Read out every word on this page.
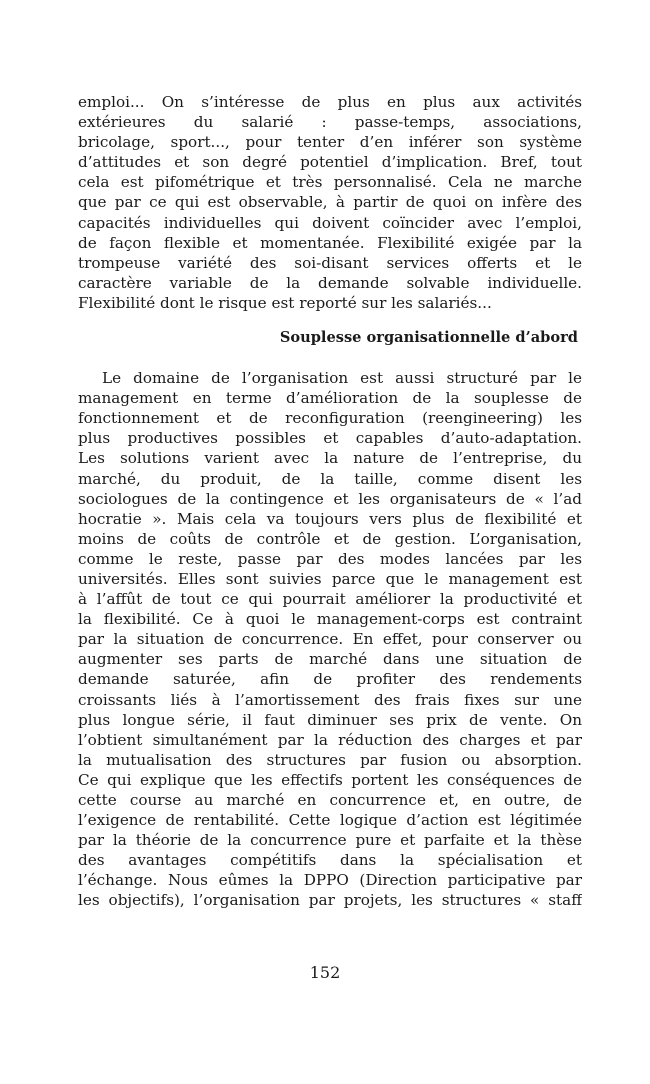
emploi... On s’intéresse de plus en plus aux activités
extérieures du salarié : passe-temps, associations,
bricolage, sport..., pour tenter d’en inférer son système
d’attitudes et son degré potentiel d’implication. Bref, tout
cela est pifométrique et très personnalisé. Cela ne marche
que par ce qui est observable, à partir de quoi on infère des
capacités individuelles qui doivent coïncider avec l’emploi,
de façon flexible et momentanée. Flexibilité exigée par la
trompeuse variété des soi-disant services offerts et le
caractère variable de la demande solvable individuelle.
Flexibilité dont le risque est reporté sur les salariés...

Souplesse organisationnelle d’abord

Le domaine de l’organisation est aussi structuré par le
management en terme d’amélioration de la souplesse de
fonctionnement et de reconfiguration (reengineering) les
plus productives possibles et capables d’auto-adaptation.
Les solutions varient avec la nature de l’entreprise, du
marché, du produit, de la taille, comme disent les
sociologues de la contingence et les organisateurs de « l’ad
hocratie ». Mais cela va toujours vers plus de flexibilité et
moins de coûts de contrôle et de gestion. L’organisation,
comme le reste, passe par des modes lancées par les
universités. Elles sont suivies parce que le management est
à l’affût de tout ce qui pourrait améliorer la productivité et
la flexibilité. Ce à quoi le management-corps est contraint
par la situation de concurrence. En effet, pour conserver ou
augmenter ses parts de marché dans une situation de
demande saturée, afin de profiter des rendements
croissants liés à l’amortissement des frais fixes sur une
plus longue série, il faut diminuer ses prix de vente. On
l’obtient simultanément par la réduction des charges et par
la mutualisation des structures par fusion ou absorption.
Ce qui explique que les effectifs portent les conséquences de
cette course au marché en concurrence et, en outre, de
l’exigence de rentabilité. Cette logique d’action est légitimée
par la théorie de la concurrence pure et parfaite et la thèse
des avantages compétitifs dans la spécialisation et
l’échange. Nous eûmes la DPPO (Direction participative par
les objectifs), l’organisation par projets, les structures « staff

152
